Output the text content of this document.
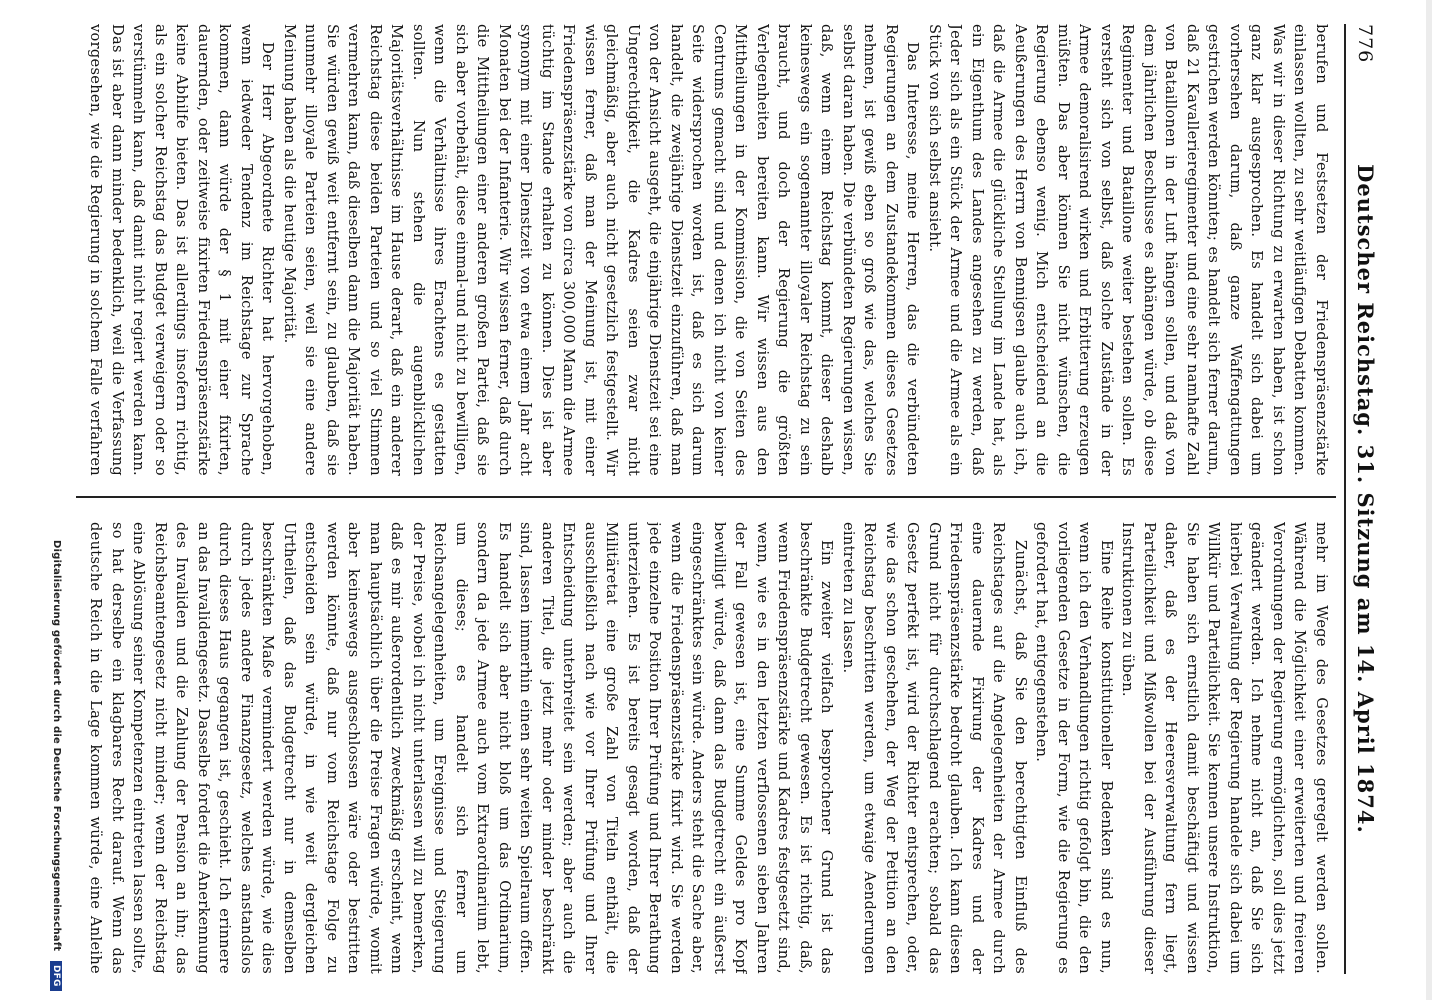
776
Deutscher Reichstag. 31. Sitzung am 14. April 1874.

berufen und Festsetzen der Friedenspräsenzstärke einlassen wollten, zu sehr weitläufigen Debatten kommen. Was wir in dieser Richtung zu erwarten haben, ist schon ganz klar ausgesprochen. Es handelt sich dabei um vorhersehen darum, daß ganze Waffengattungen gestrichen werden könnten; es handelt sich ferner darum, daß 21 Kavallerieregimenter und eine sehr namhafte Zahl von Bataillonen in der Luft hängen sollen, und daß von dem jährlichen Beschlusse es abhängen würde, ob diese Regimenter und Bataillone weiter bestehen sollen. Es versteht sich von selbst, daß solche Zustände in der Armee demoralisirend wirken und Erbitterung erzeugen müßten. Das aber können Sie nicht wünschen, die Regierung ebenso wenig. Mich entscheidend an die Aeußerungen des Herrn von Bennigsen glaube auch ich, daß die Armee die glückliche Stellung im Lande hat, als ein Eigenthum des Landes angesehen zu werden, daß Jeder sich als ein Stück der Armee und die Armee als ein Stück von sich selbst ansieht.

Das Interesse, meine Herren, das die verbündeten Regierungen an dem Zustandekommen dieses Gesetzes nehmen, ist gewiß eben so groß wie das, welches Sie selbst daran haben. Die verbündeten Regierungen wissen, daß, wenn einem Reichstag kommt, dieser deshalb keineswegs ein sogenannter illoyaler Reichstag zu sein braucht, und doch der Regierung die größten Verlegenheiten bereiten kann. Wir wissen aus den Mittheilungen in der Kommission, die von Seiten des Centrums gemacht sind und denen ich nicht von keiner Seite widersprochen worden ist, daß es sich darum handelt, die zweijährige Dienstzeit einzuführen, daß man von der Ansicht ausgeht, die einjährige Dienstzeit sei eine Ungerechtigkeit, die Kadres seien zwar nicht gleichmäßig, aber auch nicht gesetzlich festgestellt. Wir wissen ferner, daß man der Meinung ist, mit einer Friedenspräsenzstärke von circa 300,000 Mann die Armee tüchtig im Stande erhalten zu können. Dies ist aber synonym mit einer Dienstzeit von etwa einem Jahr acht Monaten bei der Infanterie. Wir wissen ferner, daß durch die Mittheilungen einer anderen großen Partei, daß sie sich aber vorbehält, diese einmal-und nicht zu bewilligen, wenn die Verhältnisse ihres Erachtens es gestatten sollten. Nun stehen die augenblicklichen Majoritätsverhältnisse im Hause derart, daß ein anderer Reichstag diese beiden Parteien und so viel Stimmen vermehren kann, daß dieselben dann die Majorität haben. Sie würden gewiß weit entfernt sein, zu glauben, daß sie nunmehr illoyale Parteien seien, weil sie eine andere Meinung haben als die heutige Majorität.

Der Herr Abgeordnete Richter hat hervorgehoben, wenn iedweder Tendenz im Reichstage zur Sprache kommen, dann würde der § 1 mit einer fixirten, dauernden, oder zeitweise fixirten Friedenspräsenzstärke keine Abhilfe bieten. Das ist allerdings insofern richtig, als ein solcher Reichstag das Budget verweigern oder so verstümmeln kann, daß damit nicht regiert werden kann. Das ist aber dann minder bedenklich, weil die Verfassung vorgesehen, wie die Regierung in solchem Falle verfahren

mehr im Wege des Gesetzes geregelt werden sollen. Während die Möglichkeit einer erweiterten und freieren Verordnungen der Regierung ermöglichten, soll dies jetzt geändert werden. Ich nehme nicht an, daß Sie sich hierbei Verwaltung der Regierung handele sich dabei um Willkür und Parteilichkeit. Sie kennen unsere Instruktion, Sie haben sich ernstlich damit beschäftigt und wissen daher, daß es der Heeresverwaltung fern liegt, Parteilichkeit und Mißwollen bei der Ausführung dieser Instruktionen zu üben.

Eine Reihe konstitutioneller Bedenken sind es nun, wenn ich den Verhandlungen richtig gefolgt bin, die den vorliegenden Gesetze in der Form, wie die Regierung es gefordert hat, entgegenstehen.

Zunächst, daß Sie den berechtigten Einfluß des Reichstages auf die Angelegenheiten der Armee durch eine dauernde Fixirung der Kadres und der Friedenspräsenzstärke bedroht glauben. Ich kann diesen Grund nicht für durchschlagend erachten; sobald das Gesetz perfekt ist, wird der Richter entsprechen, oder, wie das schon geschehen, der Weg der Petition an den Reichstag beschritten werden, um etwaige Aenderungen eintreten zu lassen.

Ein zweiter vielfach besprochener Grund ist das beschränkte Budgetrecht gewesen. Es ist richtig, daß, wenn Friedenspräsenzstärke und Kadres festgesetzt sind, wenn, wie es in den letzten verflossenen sieben Jahren der Fall gewesen ist, eine Summe Geldes pro Kopf bewilligt würde, daß dann das Budgetrecht ein äußerst eingeschränktes sein würde. Anders steht die Sache aber, wenn die Friedenspräsenzstärke fixirt wird. Sie werden jede einzelne Position Ihrer Prüfung und Ihrer Berathung unterziehen. Es ist bereits gesagt worden, daß der Militäretat eine große Zahl von Titeln enthält, die ausschließlich nach wie vor Ihrer Prüfung und Ihrer Entscheidung unterbreitet sein werden; aber auch die anderen Titel, die jetzt mehr oder minder beschränkt sind, lassen immerhin einen sehr weiten Spielraum offen. Es handelt sich aber nicht bloß um das Ordinarium, sondern da jede Armee auch vom Extraordinarium lebt, um dieses; es handelt sich ferner um Reichsangelegenheiten, um Ereignisse und Steigerung der Preise, wobei ich nicht unterlassen will zu bemerken, daß es mir außerordentlich zweckmäßig erscheint, wenn man hauptsächlich über die Preise Fragen würde, womit aber keineswegs ausgeschlossen wäre oder bestritten werden könnte, daß nur vom Reichstage Folge zu entscheiden sein würde, in wie weit dergleichen Urtheilen, daß das Budgetrecht nur in demselben beschränkten Maße vermindert werden würde, wie dies durch jedes andere Finanzgesetz, welches anstandslos durch dieses Haus gegangen ist, geschieht. Ich erinnere an das Invalidengesetz. Dasselbe fordert die Anerkennung des Invaliden und die Zahlung der Pension an ihn; das Reichsbeamtengesetz nicht minder; wenn der Reichstag eine Ablösung seiner Kompetenzen eintreten lassen sollte, so hat derselbe ein klagbares Recht darauf. Wenn das deutsche Reich in die Lage kommen würde, eine Anleihe

Digitalisierung gefördert durch die Deutsche Forschungsgemeinschaft DFG
